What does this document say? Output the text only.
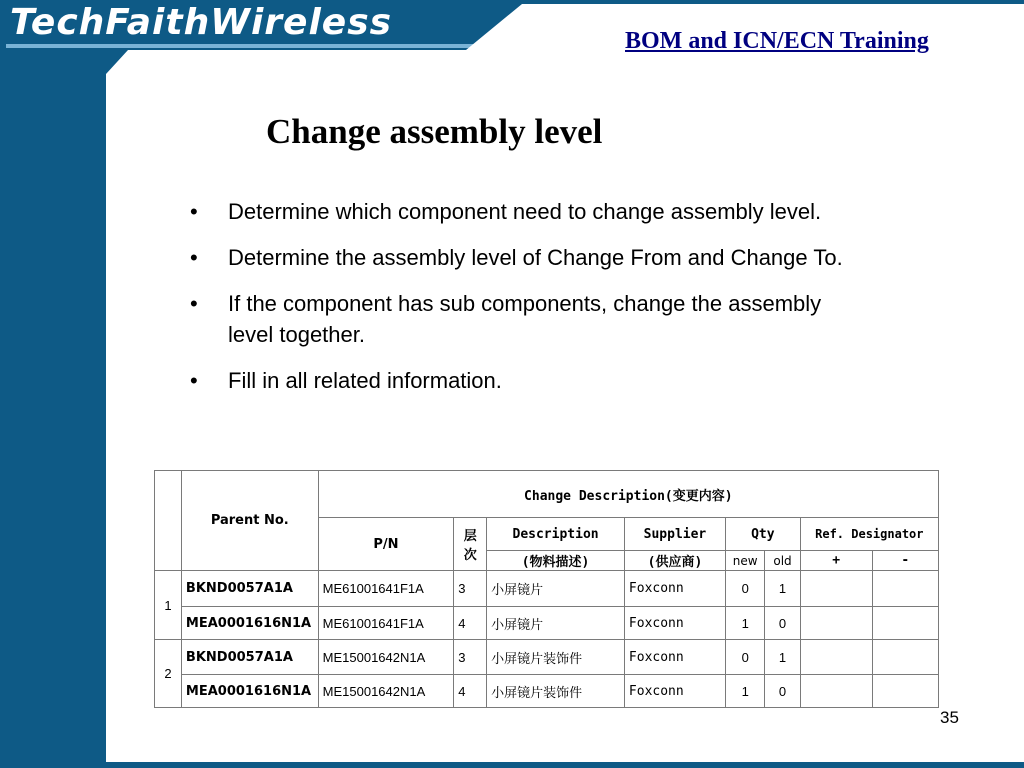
TechFaithWireless	BOM and ICN/ECN Training
Change assembly level
• Determine which component need to change assembly level.
• Determine the assembly level of Change From and Change To.
• If the component has sub components, change the assembly level together.
• Fill in all related information.
	Parent No.	Change Description(变更内容)							
		P/N	层次	Description	Supplier	Qty		Ref. Designator	
				(物料描述)	(供应商)	new	old	+	-
1	BKND0057A1A	ME61001641F1A	3	小屏镜片	Foxconn	0	1		
	MEA0001616N1A	ME61001641F1A	4	小屏镜片	Foxconn	1	0		
2	BKND0057A1A	ME15001642N1A	3	小屏镜片装饰件	Foxconn	0	1		
	MEA0001616N1A	ME15001642N1A	4	小屏镜片装饰件	Foxconn	1	0		
35
